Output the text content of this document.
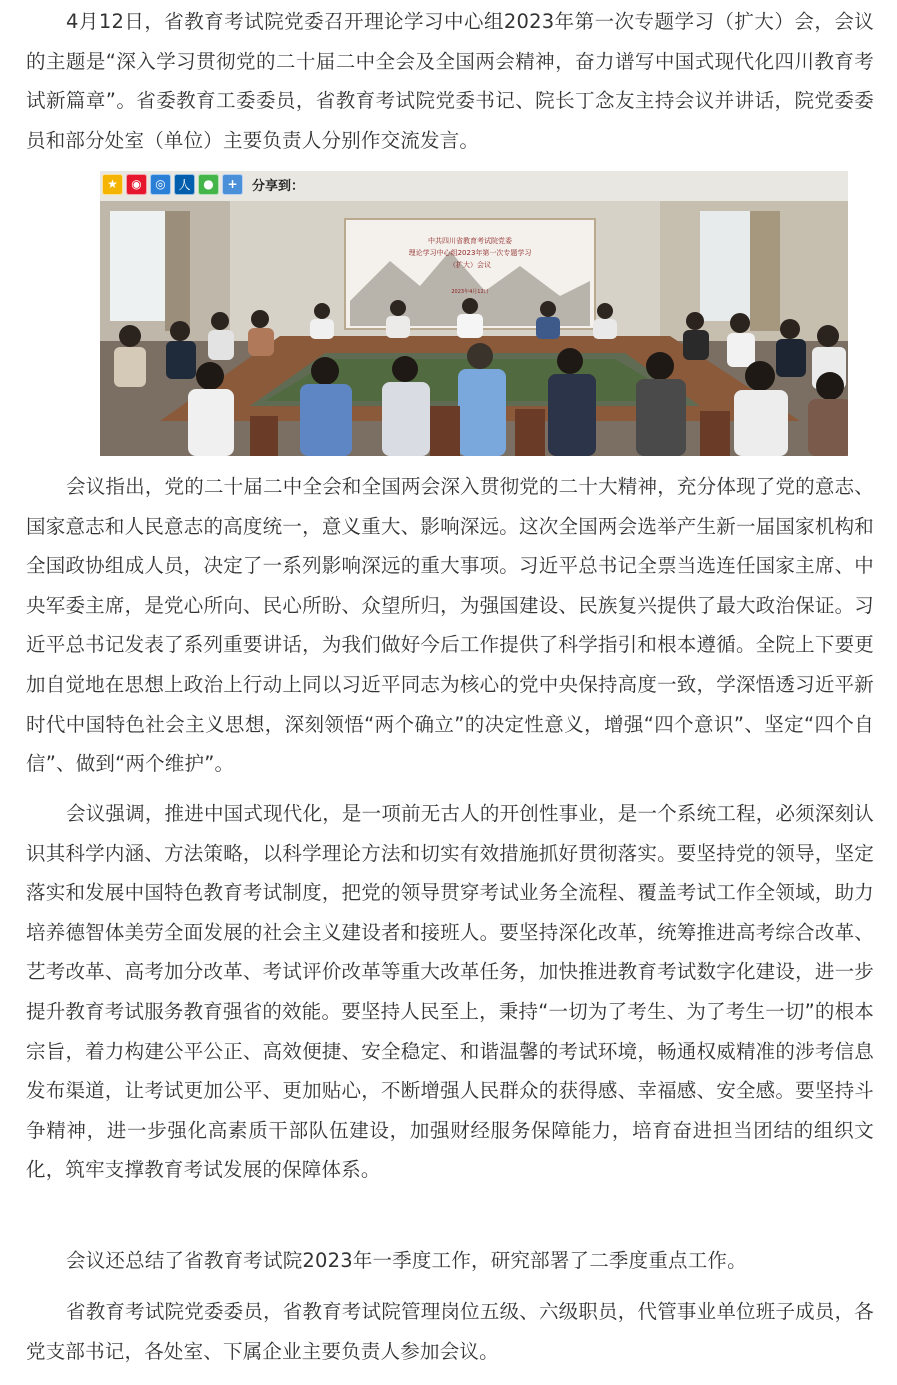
4月12日，省教育考试院党委召开理论学习中心组2023年第一次专题学习（扩大）会，会议的主题是“深入学习贯彻党的二十届二中全会及全国两会精神，奋力谱写中国式现代化四川教育考试新篇章”。省委教育工委委员，省教育考试院党委书记、院长丁念友主持会议并讲话，院党委委员和部分处室（单位）主要负责人分别作交流发言。

中共四川省教育考试院党委
理论学习中心组2023年第一次专题学习
（扩大）会议
2023年4月12日
★	◉	◎	人	●	+	分享到：

会议指出，党的二十届二中全会和全国两会深入贯彻党的二十大精神，充分体现了党的意志、国家意志和人民意志的高度统一，意义重大、影响深远。这次全国两会选举产生新一届国家机构和全国政协组成人员，决定了一系列影响深远的重大事项。习近平总书记全票当选连任国家主席、中央军委主席，是党心所向、民心所盼、众望所归，为强国建设、民族复兴提供了最大政治保证。习近平总书记发表了系列重要讲话，为我们做好今后工作提供了科学指引和根本遵循。全院上下要更加自觉地在思想上政治上行动上同以习近平同志为核心的党中央保持高度一致，学深悟透习近平新时代中国特色社会主义思想，深刻领悟“两个确立”的决定性意义，增强“四个意识”、坚定“四个自信”、做到“两个维护”。

会议强调，推进中国式现代化，是一项前无古人的开创性事业，是一个系统工程，必须深刻认识其科学内涵、方法策略，以科学理论方法和切实有效措施抓好贯彻落实。要坚持党的领导，坚定落实和发展中国特色教育考试制度，把党的领导贯穿考试业务全流程、覆盖考试工作全领域，助力培养德智体美劳全面发展的社会主义建设者和接班人。要坚持深化改革，统筹推进高考综合改革、艺考改革、高考加分改革、考试评价改革等重大改革任务，加快推进教育考试数字化建设，进一步提升教育考试服务教育强省的效能。要坚持人民至上，秉持“一切为了考生、为了考生一切”的根本宗旨，着力构建公平公正、高效便捷、安全稳定、和谐温馨的考试环境，畅通权威精准的涉考信息发布渠道，让考试更加公平、更加贴心，不断增强人民群众的获得感、幸福感、安全感。要坚持斗争精神，进一步强化高素质干部队伍建设，加强财经服务保障能力，培育奋进担当团结的组织文化，筑牢支撑教育考试发展的保障体系。

会议还总结了省教育考试院2023年一季度工作，研究部署了二季度重点工作。

省教育考试院党委委员，省教育考试院管理岗位五级、六级职员，代管事业单位班子成员，各党支部书记，各处室、下属企业主要负责人参加会议。
